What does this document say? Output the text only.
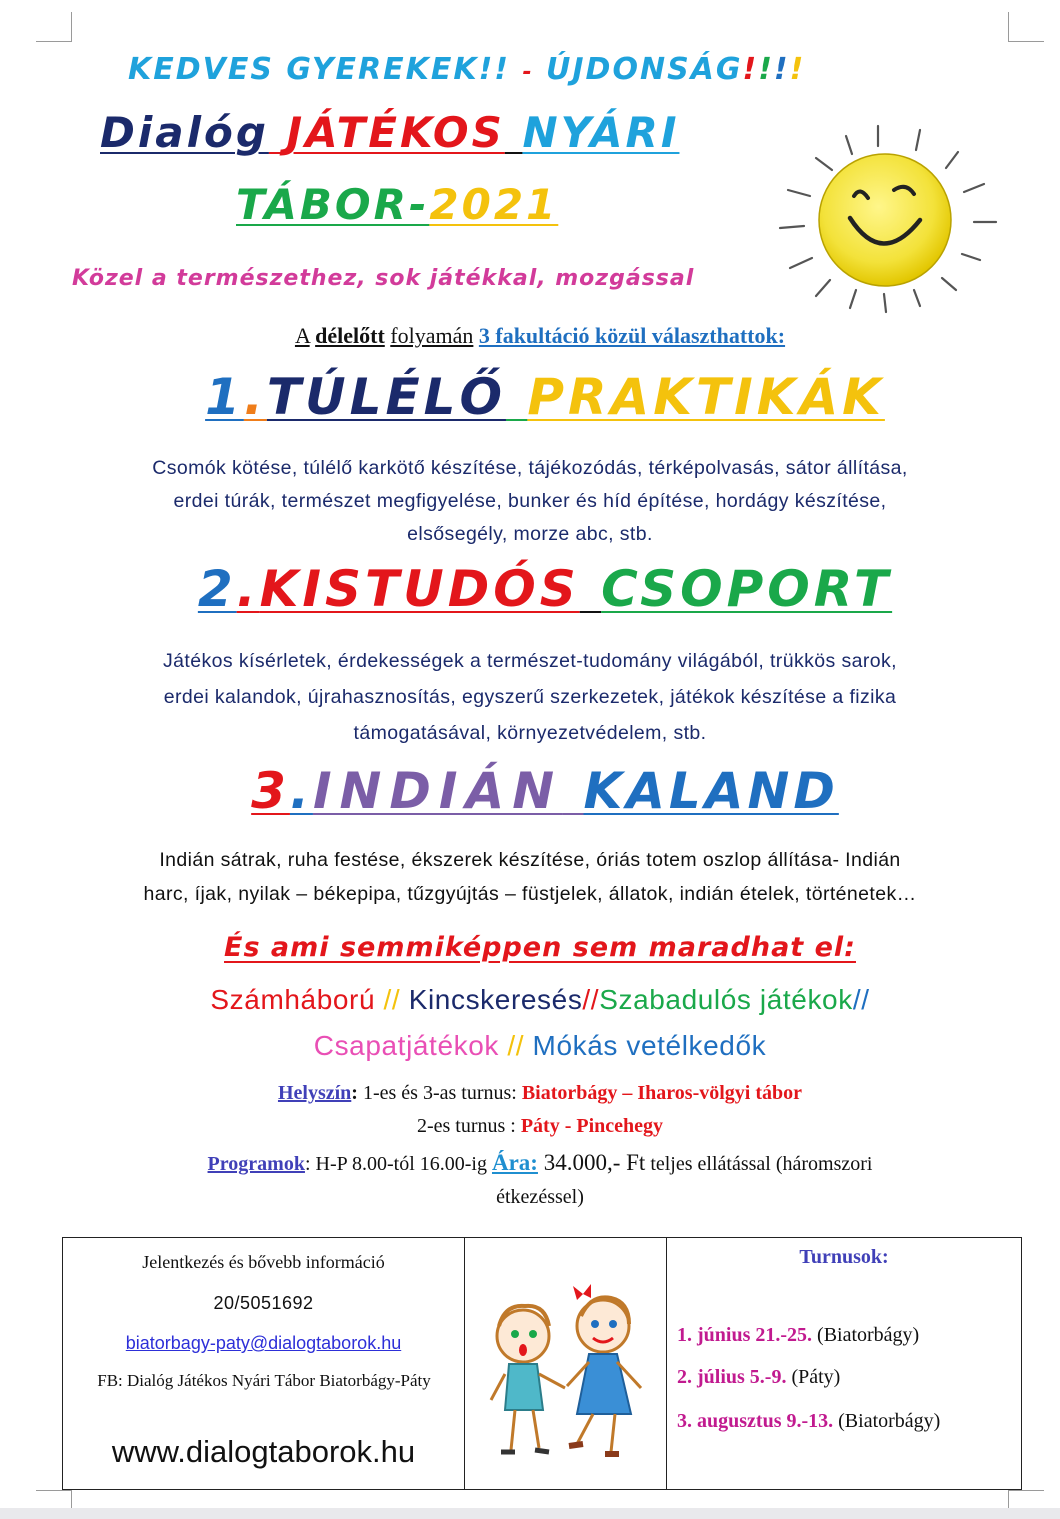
KEDVES GYEREKEK!! - ÚJDONSÁG!!!!
Dialóg JÁTÉKOS NYÁRI
TÁBOR-2021
Közel a természethez, sok játékkal, mozgással
A délelőtt folyamán 3 fakultáció közül választhattok:
1.TÚLÉLŐ PRAKTIKÁK
Csomók kötése, túlélő karkötő készítése, tájékozódás, térképolvasás, sátor állítása,
erdei túrák, természet megfigyelése, bunker és híd építése, hordágy készítése,
elsősegély, morze abc, stb.
2.KISTUDÓS CSOPORT
Játékos kísérletek, érdekességek a természet-tudomány világából, trükkös sarok,
erdei kalandok, újrahasznosítás, egyszerű szerkezetek, játékok készítése a fizika
támogatásával, környezetvédelem, stb.
3.INDIÁN KALAND
Indián sátrak, ruha festése, ékszerek készítése, óriás totem oszlop állítása- Indián
harc, íjak, nyilak – békepipa, tűzgyújtás – füstjelek, állatok, indián ételek, történetek…
És ami semmiképpen sem maradhat el:
Számháború // Kincskeresés//Szabadulós játékok//
Csapatjátékok // Mókás vetélkedők
Helyszín: 1-es és 3-as turnus: Biatorbágy – Iharos-völgyi tábor
2-es turnus : Páty - Pincehegy
Programok: H-P 8.00-tól 16.00-ig Ára: 34.000,- Ft teljes ellátással (háromszori
étkezéssel)
Jelentkezés és bővebb információ
20/5051692
biatorbagy-paty@dialogtaborok.hu
FB: Dialóg Játékos Nyári Tábor Biatorbágy-Páty
www.dialogtaborok.hu
Turnusok:
1. június 21.-25. (Biatorbágy)
2. július 5.-9. (Páty)
3. augusztus 9.-13. (Biatorbágy)
